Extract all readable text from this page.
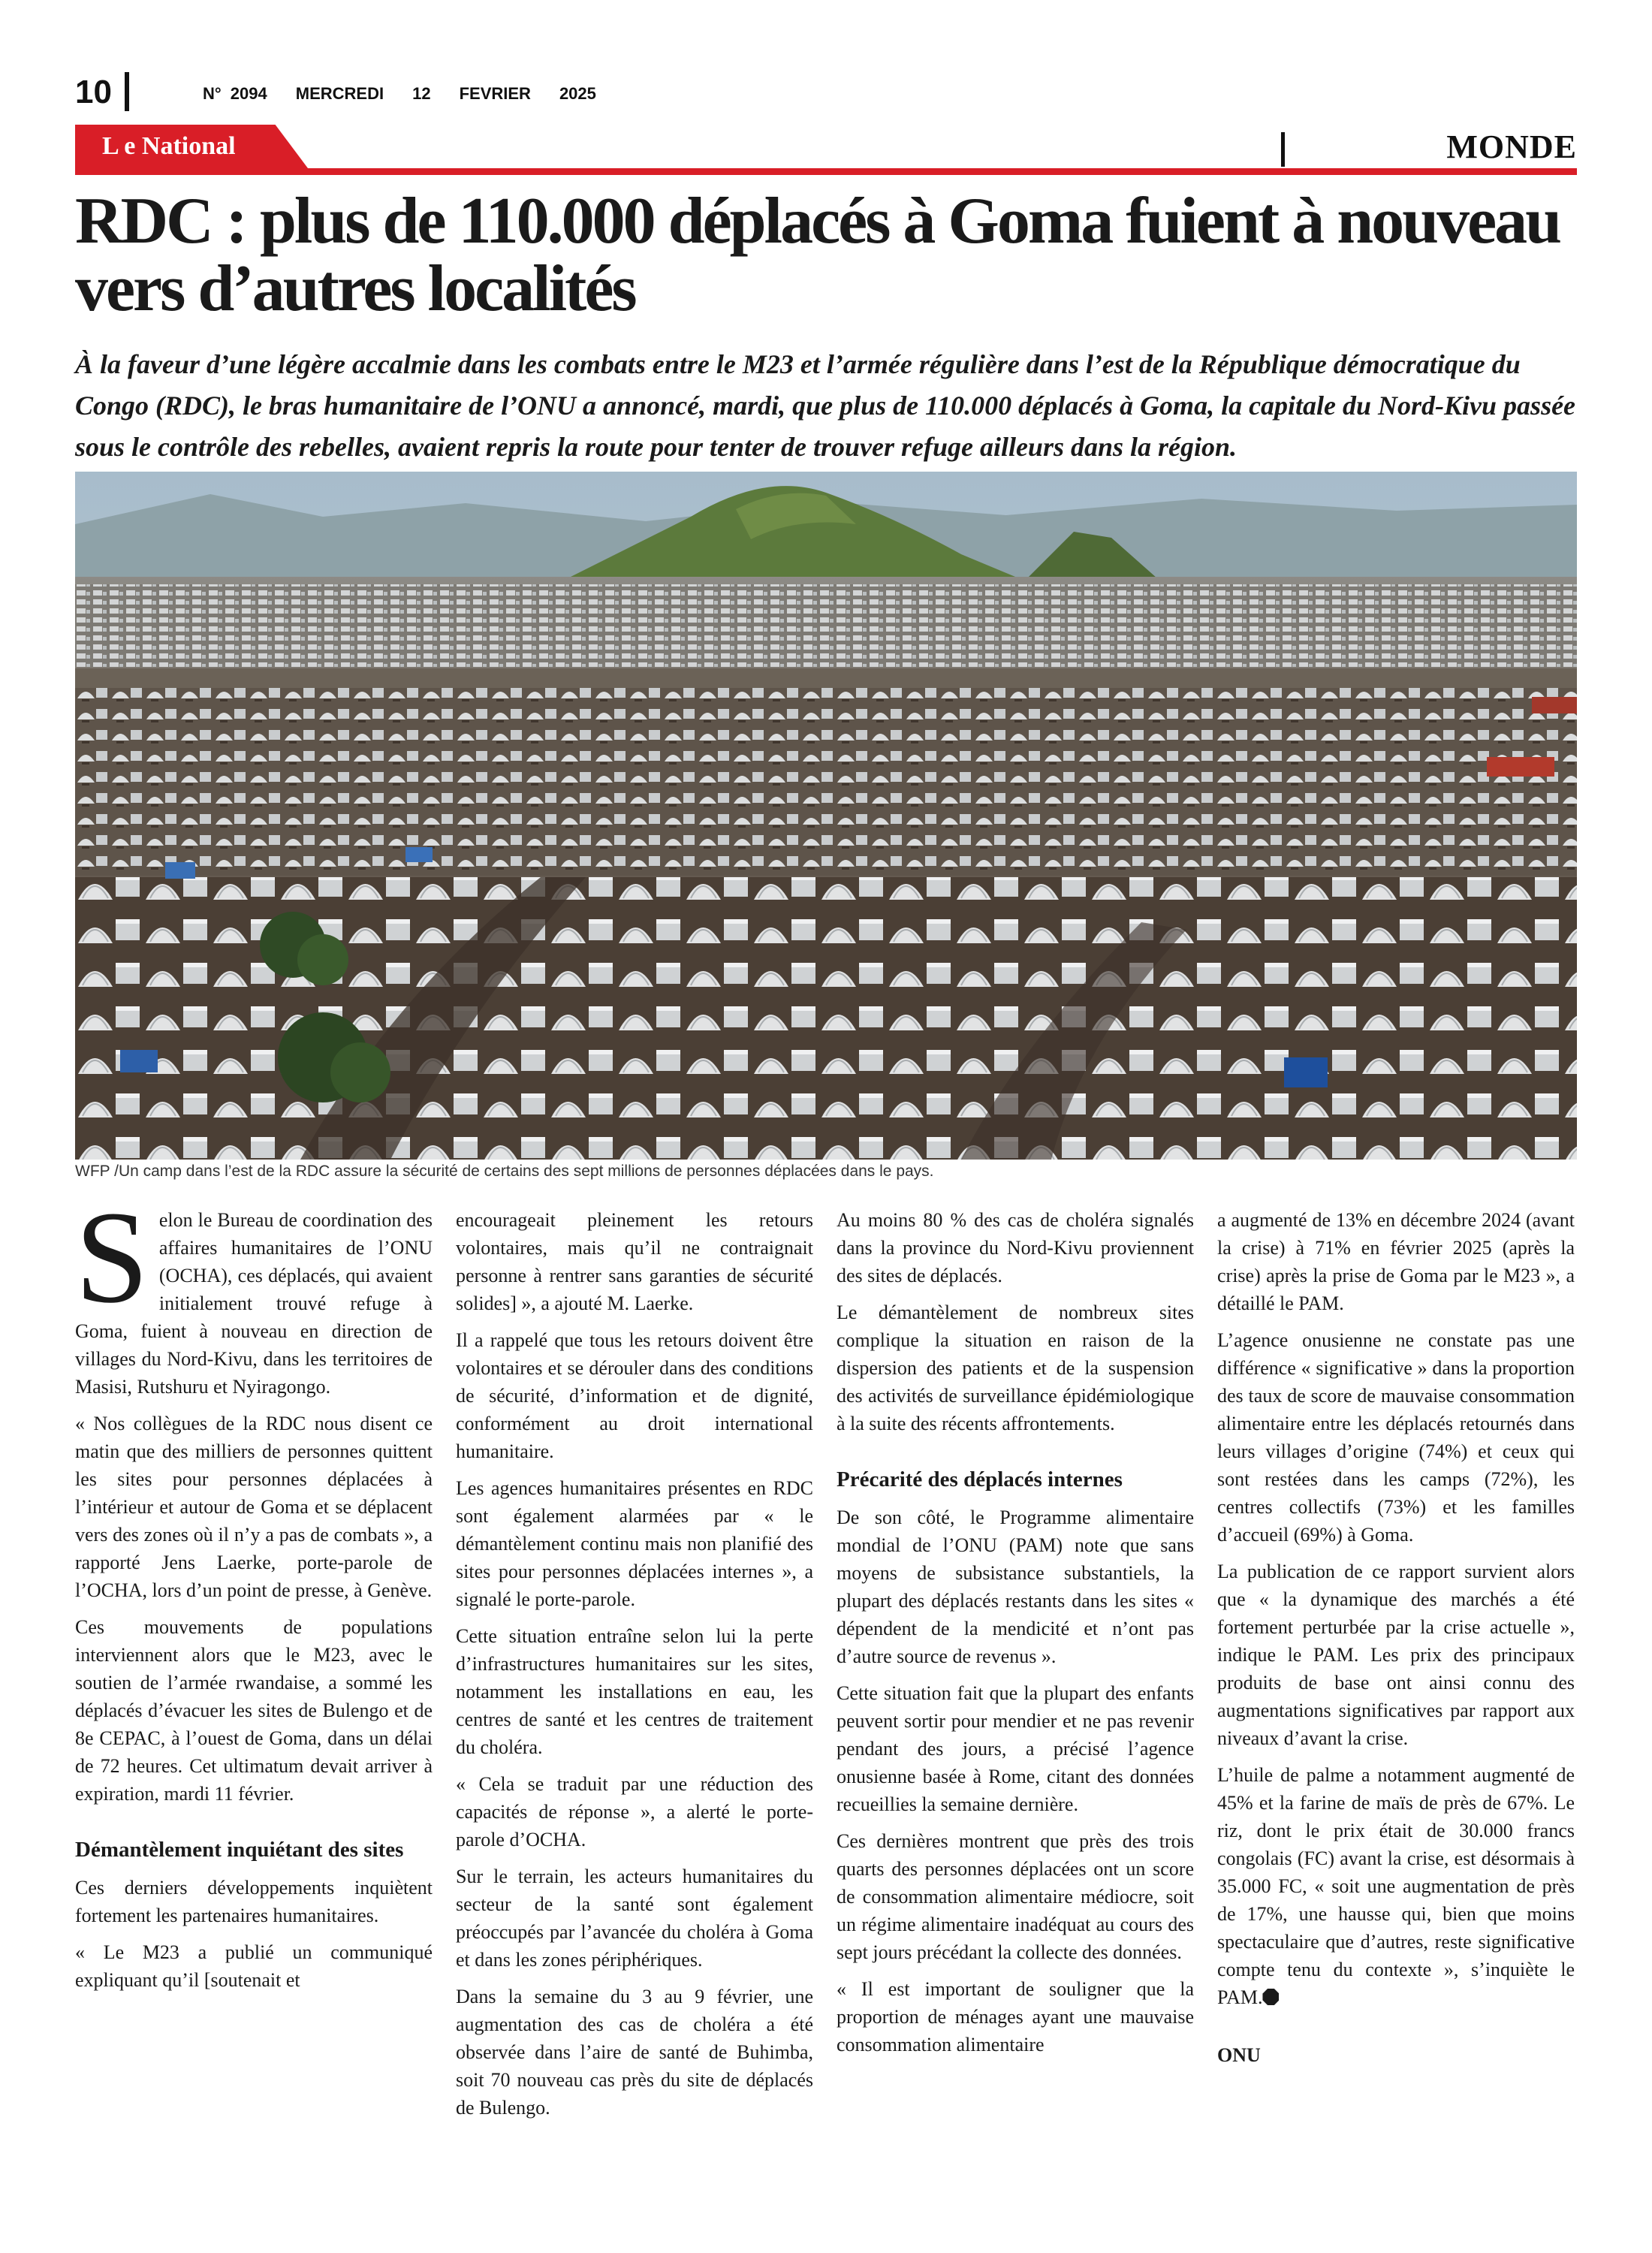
10	N° 2094 MERCREDI 12 FEVRIER 2025
L e National	MONDE
RDC : plus de 110.000 déplacés à Goma fuient à nouveau vers d’autres localités

À la faveur d’une légère accalmie dans les combats entre le M23 et l’armée régulière dans l’est de la République démocratique du Congo (RDC), le bras humanitaire de l’ONU a annoncé, mardi, que plus de 110.000 déplacés à Goma, la capitale du Nord-Kivu passée sous le contrôle des rebelles, avaient repris la route pour tenter de trouver refuge ailleurs dans la région.

WFP /Un camp dans l’est de la RDC assure la sécurité de certains des sept millions de personnes déplacées dans le pays.

Selon le Bureau de coordination des affaires humanitaires de l’ONU (OCHA), ces déplacés, qui avaient initialement trouvé refuge à Goma, fuient à nouveau en direction de villages du Nord-Kivu, dans les territoires de Masisi, Rutshuru et Nyiragongo.

« Nos collègues de la RDC nous disent ce matin que des milliers de personnes quittent les sites pour personnes déplacées à l’intérieur et autour de Goma et se déplacent vers des zones où il n’y a pas de combats », a rapporté Jens Laerke, porte-parole de l’OCHA, lors d’un point de presse, à Genève.

Ces mouvements de populations interviennent alors que le M23, avec le soutien de l’armée rwandaise, a sommé les déplacés d’évacuer les sites de Bulengo et de 8e CEPAC, à l’ouest de Goma, dans un délai de 72 heures. Cet ultimatum devait arriver à expiration, mardi 11 février.

Démantèlement inquiétant des sites

Ces derniers développements inquiètent fortement les partenaires humanitaires.

« Le M23 a publié un communiqué expliquant qu’il [soutenait et

encourageait pleinement les retours volontaires, mais qu’il ne contraignait personne à rentrer sans garanties de sécurité solides] », a ajouté M. Laerke.

Il a rappelé que tous les retours doivent être volontaires et se dérouler dans des conditions de sécurité, d’information et de dignité, conformément au droit international humanitaire.

Les agences humanitaires présentes en RDC sont également alarmées par « le démantèlement continu mais non planifié des sites pour personnes déplacées internes », a signalé le porte-parole.

Cette situation entraîne selon lui la perte d’infrastructures humanitaires sur les sites, notamment les installations en eau, les centres de santé et les centres de traitement du choléra.

« Cela se traduit par une réduction des capacités de réponse », a alerté le porte-parole d’OCHA.

Sur le terrain, les acteurs humanitaires du secteur de la santé sont également préoccupés par l’avancée du choléra à Goma et dans les zones périphériques.

Dans la semaine du 3 au 9 février, une augmentation des cas de choléra a été observée dans l’aire de santé de Buhimba, soit 70 nouveau cas près du site de déplacés de Bulengo.

Au moins 80 % des cas de choléra signalés dans la province du Nord-Kivu proviennent des sites de déplacés.

Le démantèlement de nombreux sites complique la situation en raison de la dispersion des patients et de la suspension des activités de surveillance épidémiologique à la suite des récents affrontements.

Précarité des déplacés internes

De son côté, le Programme alimentaire mondial de l’ONU (PAM) note que sans moyens de subsistance substantiels, la plupart des déplacés restants dans les sites « dépendent de la mendicité et n’ont pas d’autre source de revenus ».

Cette situation fait que la plupart des enfants peuvent sortir pour mendier et ne pas revenir pendant des jours, a précisé l’agence onusienne basée à Rome, citant des données recueillies la semaine dernière.

Ces dernières montrent que près des trois quarts des personnes déplacées ont un score de consommation alimentaire médiocre, soit un régime alimentaire inadéquat au cours des sept jours précédant la collecte des données.

« Il est important de souligner que la proportion de ménages ayant une mauvaise consommation alimentaire

a augmenté de 13% en décembre 2024 (avant la crise) à 71% en février 2025 (après la crise) après la prise de Goma par le M23 », a détaillé le PAM.

L’agence onusienne ne constate pas une différence « significative » dans la proportion des taux de score de mauvaise consommation alimentaire entre les déplacés retournés dans leurs villages d’origine (74%) et ceux qui sont restées dans les camps (72%), les centres collectifs (73%) et les familles d’accueil (69%) à Goma.

La publication de ce rapport survient alors que « la dynamique des marchés a été fortement perturbée par la crise actuelle », indique le PAM. Les prix des principaux produits de base ont ainsi connu des augmentations significatives par rapport aux niveaux d’avant la crise.

L’huile de palme a notamment augmenté de 45% et la farine de maïs de près de 67%. Le riz, dont le prix était de 30.000 francs congolais (FC) avant la crise, est désormais à 35.000 FC, « soit une augmentation de près de 17%, une hausse qui, bien que moins spectaculaire que d’autres, reste significative compte tenu du contexte », s’inquiète le PAM.

ONU
